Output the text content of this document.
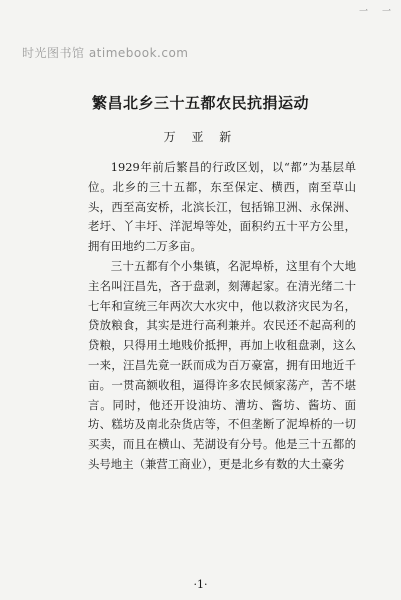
一 一
时光图书馆 atimebook.com
繁昌北乡三十五都农民抗捐运动
万 亚 新

1929年前后繁昌的行政区划，以“都”为基层单位。北乡的三十五都，东至保定、横西，南至草山头，西至高安桥，北滨长江，包括锦卫洲、永保洲、老圩、丫丰圩、洋泥埠等处，面积约五十平方公里，拥有田地约二万多亩。

三十五都有个小集镇，名泥埠桥，这里有个大地主名叫汪昌先，吝于盘剥，刻薄起家。在清光绪二十七年和宣统三年两次大水灾中，他以救济灾民为名，贷放粮食，其实是进行高利兼并。农民还不起高利的贷粮，只得用土地贱价抵押，再加上收租盘剥，这么一来，汪昌先竟一跃而成为百万豪富，拥有田地近千亩。一贯高额收租，逼得许多农民倾家荡产，苦不堪言。同时，他还开设油坊、漕坊、酱坊、酱坊、面坊、糕坊及南北杂货店等，不但垄断了泥埠桥的一切买卖，而且在横山、芜湖设有分号。他是三十五都的头号地主（兼营工商业），更是北乡有数的大土豪劣

·1·
